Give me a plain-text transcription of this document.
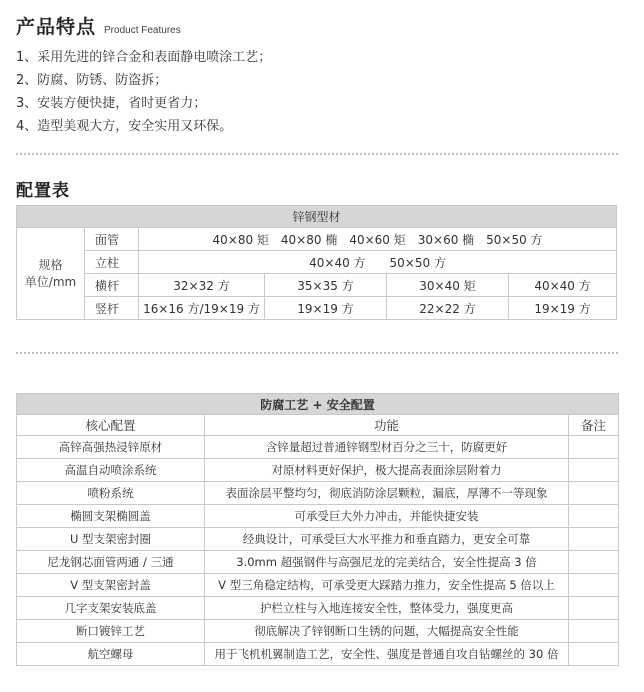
产品特点 Product Features
1、采用先进的锌合金和表面静电喷涂工艺；
2、防腐、防锈、防盗拆；
3、安装方便快捷，省时更省力；
4、造型美观大方，安全实用又环保。
配置表
锌钢型材					
规格
单位/mm	面管	40×80 矩　40×80 椭　40×60 矩　30×60 椭　50×50 方			
	立柱	40×40 方　　50×50 方			
	横杆	32×32 方	35×35 方	30×40 矩	40×40 方
	竖杆	16×16 方/19×19 方	19×19 方	22×22 方	19×19 方
防腐工艺 + 安全配置		
核心配置	功能	备注
高锌高强热浸锌原材	含锌量超过普通锌钢型材百分之三十，防腐更好	
高温自动喷涂系统	对原材料更好保护，极大提高表面涂层附着力	
喷粉系统	表面涂层平整均匀，彻底消防涂层颗粒，漏底，厚薄不一等现象	
椭圆支架椭圆盖	可承受巨大外力冲击，并能快捷安装	
U 型支架密封圈	经典设计，可承受巨大水平推力和垂直踏力，更安全可靠	
尼龙钢芯面管两通 / 三通	3.0mm 超强钢件与高强尼龙的完美结合，安全性提高 3 倍	
V 型支架密封盖	V 型三角稳定结构，可承受更大踩踏力推力，安全性提高 5 倍以上	
几字支架安装底盖	护栏立柱与入地连接安全性，整体受力，强度更高	
断口镀锌工艺	彻底解决了锌钢断口生锈的问题，大幅提高安全性能	
航空螺母	用于飞机机翼制造工艺，安全性、强度是普通自攻自钻螺丝的 30 倍	
